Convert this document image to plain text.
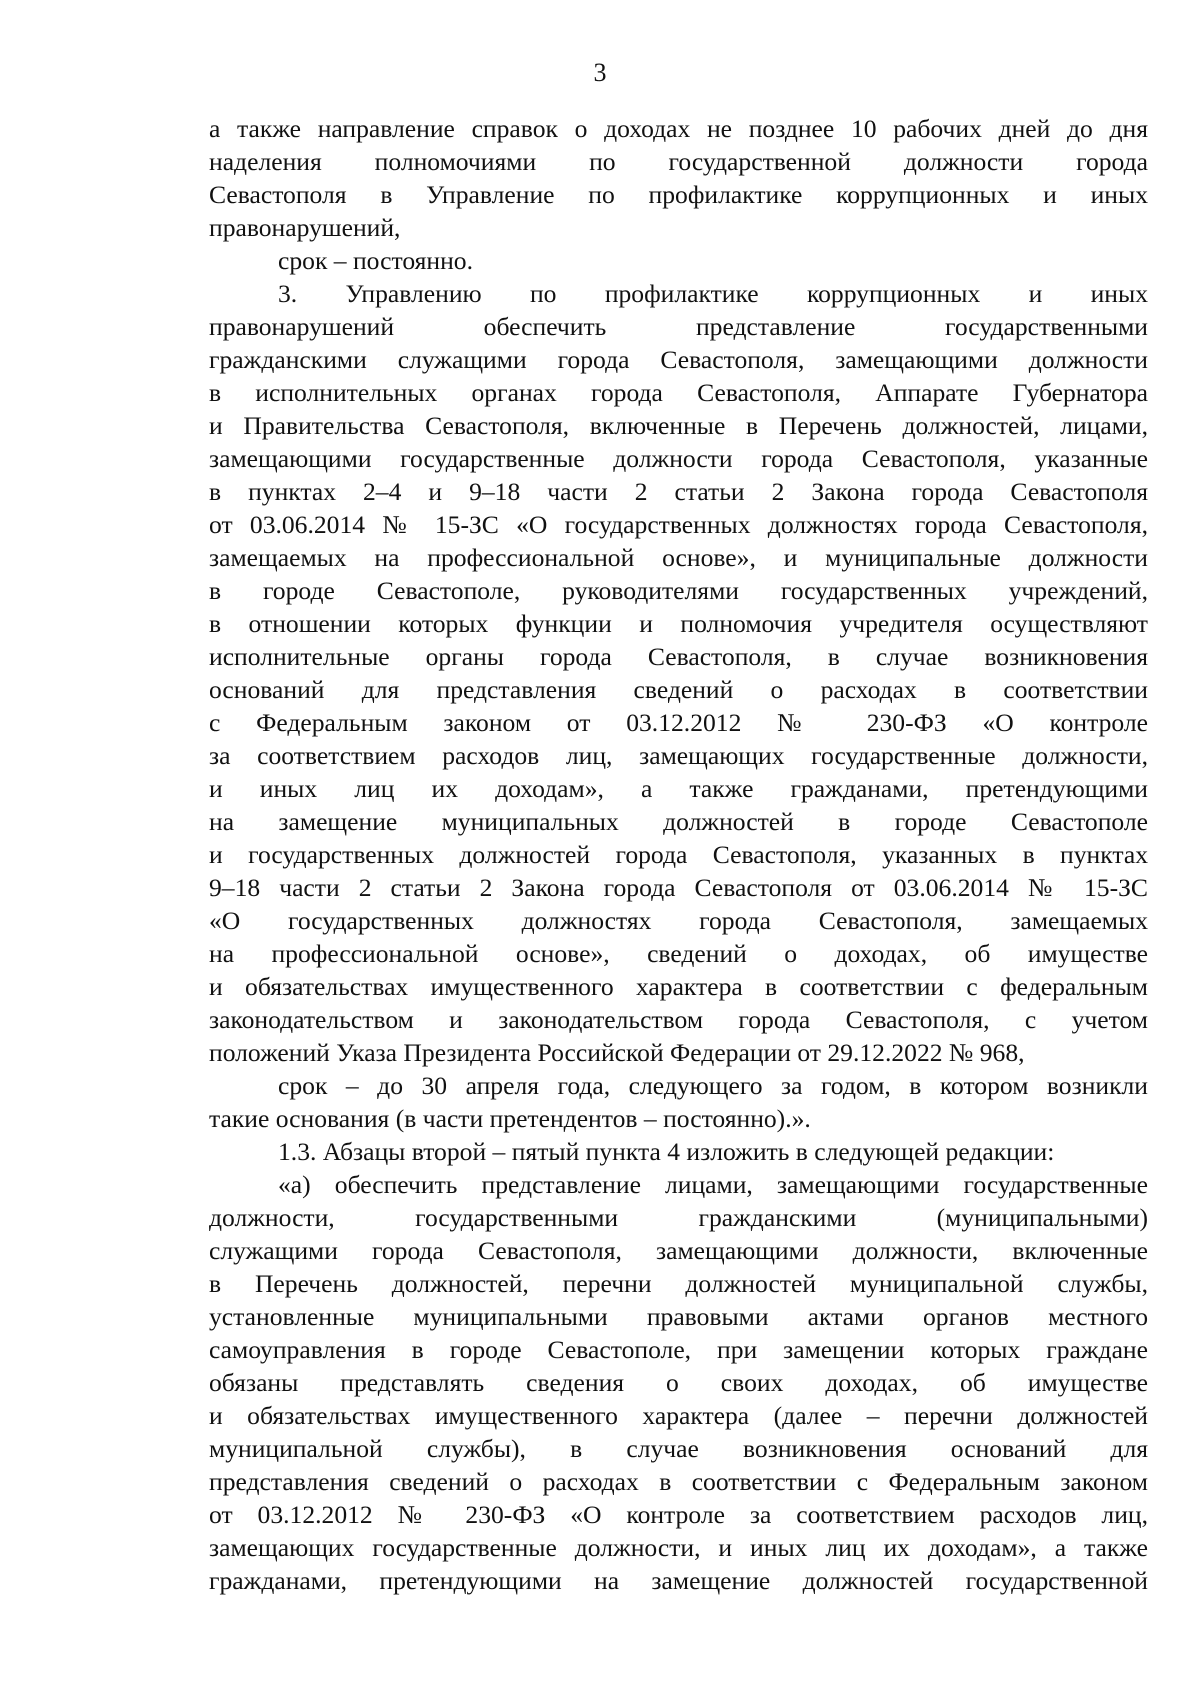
3
а также направление справок о доходах не позднее 10 рабочих дней до дня
наделения полномочиями по государственной должности города
Севастополя в Управление по профилактике коррупционных и иных
правонарушений,
срок – постоянно.
3. Управлению по профилактике коррупционных и иных
правонарушений обеспечить представление государственными
гражданскими служащими города Севастополя, замещающими должности
в исполнительных органах города Севастополя, Аппарате Губернатора
и Правительства Севастополя, включенные в Перечень должностей, лицами,
замещающими государственные должности города Севастополя, указанные
в пунктах 2–4 и 9–18 части 2 статьи 2 Закона города Севастополя
от 03.06.2014 № 15-ЗС «О государственных должностях города Севастополя,
замещаемых на профессиональной основе», и муниципальные должности
в городе Севастополе, руководителями государственных учреждений,
в отношении которых функции и полномочия учредителя осуществляют
исполнительные органы города Севастополя, в случае возникновения
оснований для представления сведений о расходах в соответствии
с Федеральным законом от 03.12.2012 № 230-ФЗ «О контроле
за соответствием расходов лиц, замещающих государственные должности,
и иных лиц их доходам», а также гражданами, претендующими
на замещение муниципальных должностей в городе Севастополе
и государственных должностей города Севастополя, указанных в пунктах
9–18 части 2 статьи 2 Закона города Севастополя от 03.06.2014 № 15-ЗС
«О государственных должностях города Севастополя, замещаемых
на профессиональной основе», сведений о доходах, об имуществе
и обязательствах имущественного характера в соответствии с федеральным
законодательством и законодательством города Севастополя, с учетом
положений Указа Президента Российской Федерации от 29.12.2022 № 968,
срок – до 30 апреля года, следующего за годом, в котором возникли
такие основания (в части претендентов – постоянно).».
1.3. Абзацы второй – пятый пункта 4 изложить в следующей редакции:
«а) обеспечить представление лицами, замещающими государственные
должности, государственными гражданскими (муниципальными)
служащими города Севастополя, замещающими должности, включенные
в Перечень должностей, перечни должностей муниципальной службы,
установленные муниципальными правовыми актами органов местного
самоуправления в городе Севастополе, при замещении которых граждане
обязаны представлять сведения о своих доходах, об имуществе
и обязательствах имущественного характера (далее – перечни должностей
муниципальной службы), в случае возникновения оснований для
представления сведений о расходах в соответствии с Федеральным законом
от 03.12.2012 № 230-ФЗ «О контроле за соответствием расходов лиц,
замещающих государственные должности, и иных лиц их доходам», а также
гражданами, претендующими на замещение должностей государственной
